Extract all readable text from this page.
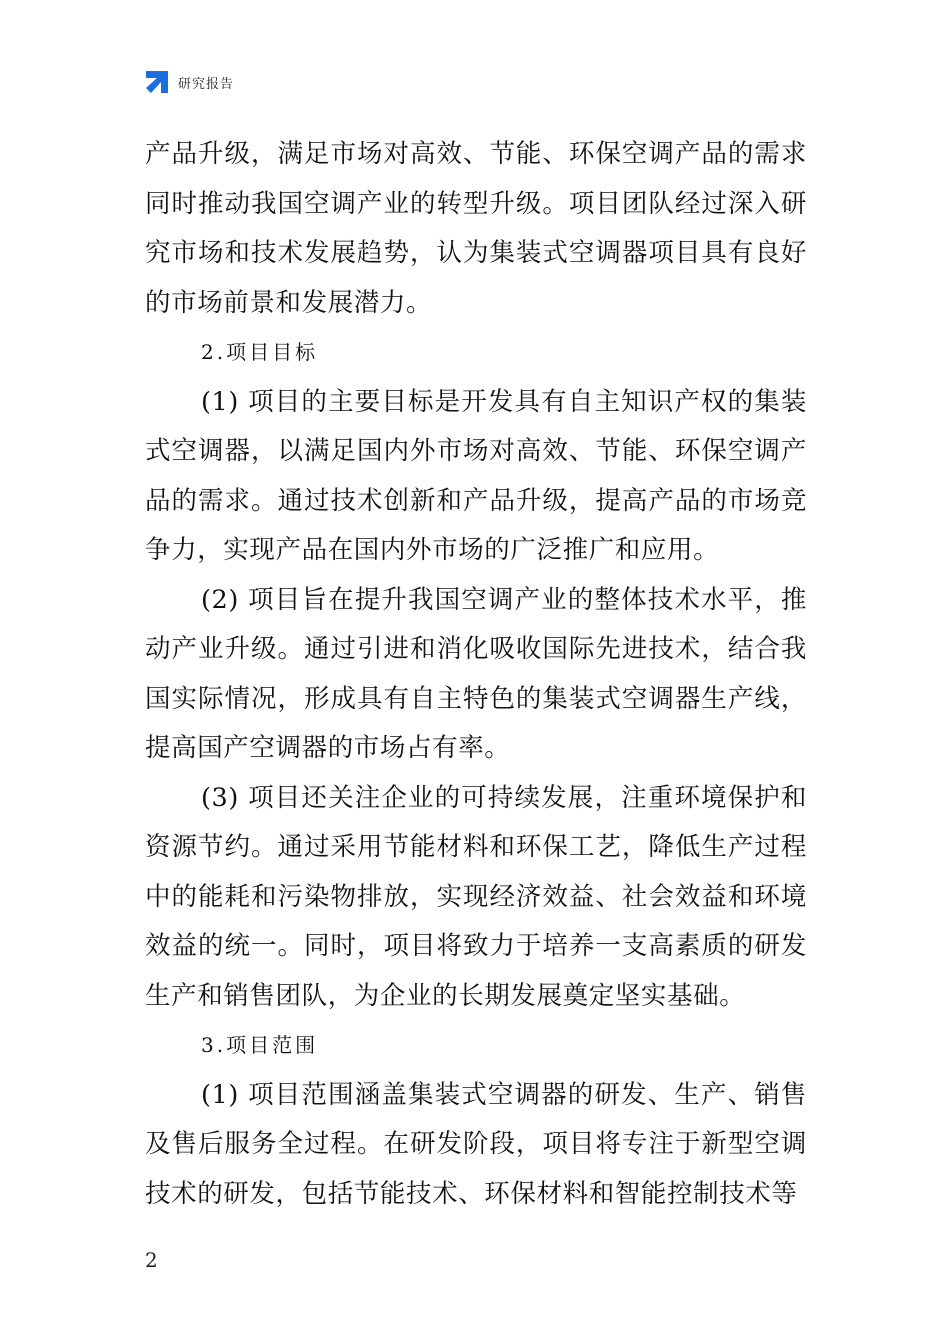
研究报告

产品升级，满足市场对高效、节能、环保空调产品的需求同时推动我国空调产业的转型升级。项目团队经过深入研究市场和技术发展趋势，认为集装式空调器项目具有良好的市场前景和发展潜力。

2.项目目标

(1) 项目的主要目标是开发具有自主知识产权的集装式空调器，以满足国内外市场对高效、节能、环保空调产品的需求。通过技术创新和产品升级，提高产品的市场竞争力，实现产品在国内外市场的广泛推广和应用。

(2) 项目旨在提升我国空调产业的整体技术水平，推动产业升级。通过引进和消化吸收国际先进技术，结合我国实际情况，形成具有自主特色的集装式空调器生产线，提高国产空调器的市场占有率。

(3) 项目还关注企业的可持续发展，注重环境保护和资源节约。通过采用节能材料和环保工艺，降低生产过程中的能耗和污染物排放，实现经济效益、社会效益和环境效益的统一。同时，项目将致力于培养一支高素质的研发生产和销售团队，为企业的长期发展奠定坚实基础。

3.项目范围

(1) 项目范围涵盖集装式空调器的研发、生产、销售及售后服务全过程。在研发阶段，项目将专注于新型空调技术的研发，包括节能技术、环保材料和智能控制技术等

2
